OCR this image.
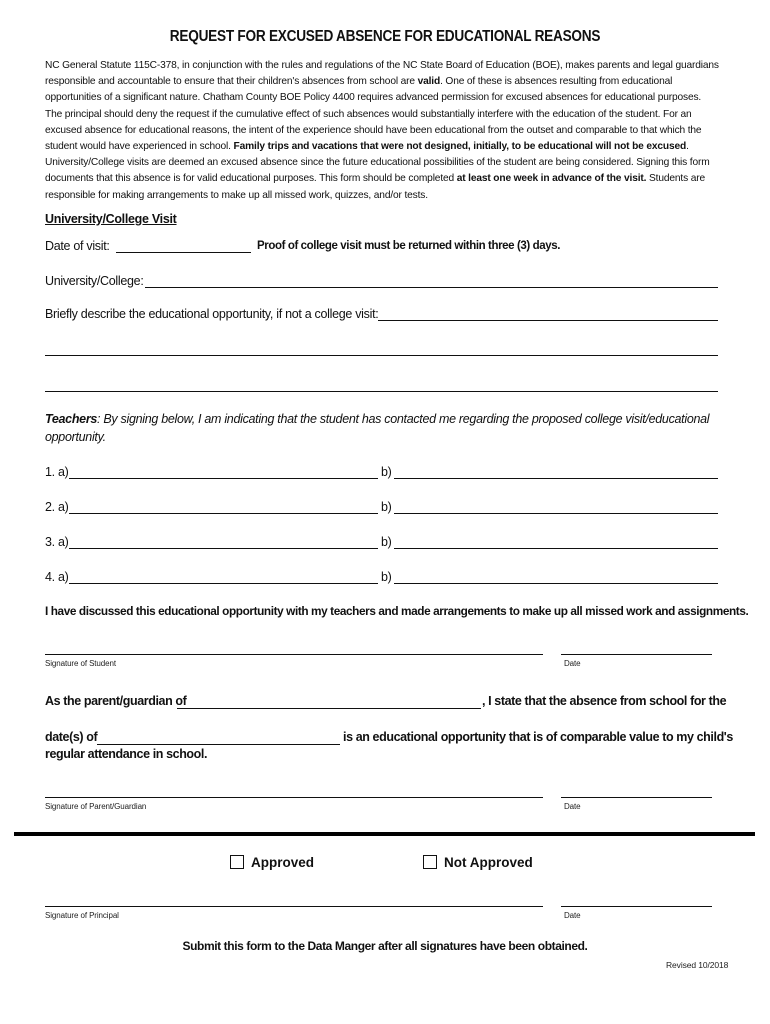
REQUEST FOR EXCUSED ABSENCE FOR EDUCATIONAL REASONS
NC General Statute 115C-378, in conjunction with the rules and regulations of the NC State Board of Education (BOE), makes parents and legal guardians responsible and accountable to ensure that their children's absences from school are valid. One of these is absences resulting from educational opportunities of a significant nature. Chatham County BOE Policy 4400 requires advanced permission for excused absences for educational purposes. The principal should deny the request if the cumulative effect of such absences would substantially interfere with the education of the student. For an excused absence for educational reasons, the intent of the experience should have been educational from the outset and comparable to that which the student would have experienced in school. Family trips and vacations that were not designed, initially, to be educational will not be excused. University/College visits are deemed an excused absence since the future educational possibilities of the student are being considered. Signing this form documents that this absence is for valid educational purposes. This form should be completed at least one week in advance of the visit. Students are responsible for making arrangements to make up all missed work, quizzes, and/or tests.
University/College Visit
Date of visit:	Proof of college visit must be returned within three (3) days.
University/College:
Briefly describe the educational opportunity, if not a college visit:
Teachers: By signing below, I am indicating that the student has contacted me regarding the proposed college visit/educational opportunity.
1. a)	b)
2. a)	b)
3. a)	b)
4. a)	b)
I have discussed this educational opportunity with my teachers and made arrangements to make up all missed work and assignments.
Signature of Student	Date
As the parent/guardian of	, I state that the absence from school for the
date(s) of	is an educational opportunity that is of comparable value to my child's
regular attendance in school.
Signature of Parent/Guardian	Date
Approved	Not Approved
Signature of Principal	Date
Submit this form to the Data Manger after all signatures have been obtained.
Revised 10/2018
